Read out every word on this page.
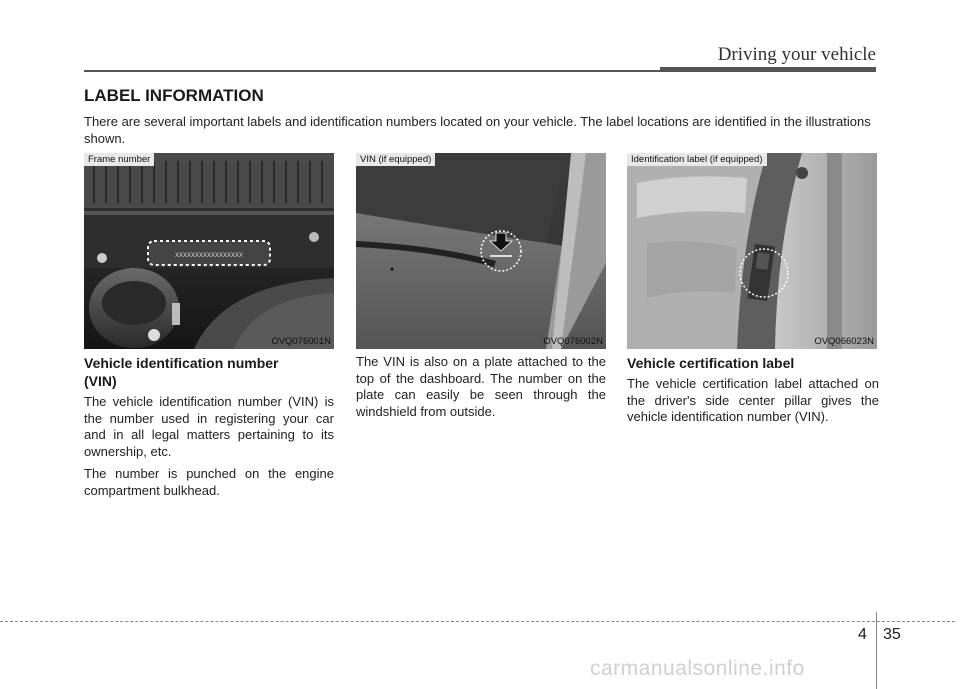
Driving your vehicle
LABEL INFORMATION
There are several important labels and identification numbers located on your vehicle. The label locations are identified in the illustrations shown.
XXXXXXXXXXXXXXXXX
Frame number
OVQ076001N
VIN (if equipped)
OVQ076002N
Identification label (if equipped)
OVQ066023N
Vehicle identification number
(VIN)

The vehicle identification number (VIN) is the number used in registering your car and in all legal matters pertaining to its ownership, etc.

The number is punched on the engine compartment bulkhead.

The VIN is also on a plate attached to the top of the dashboard. The number on the plate can easily be seen through the windshield from outside.

Vehicle certification label

The vehicle certification label attached on the driver's side center pillar gives the vehicle identification number (VIN).

4 35
carmanualsonline.info
